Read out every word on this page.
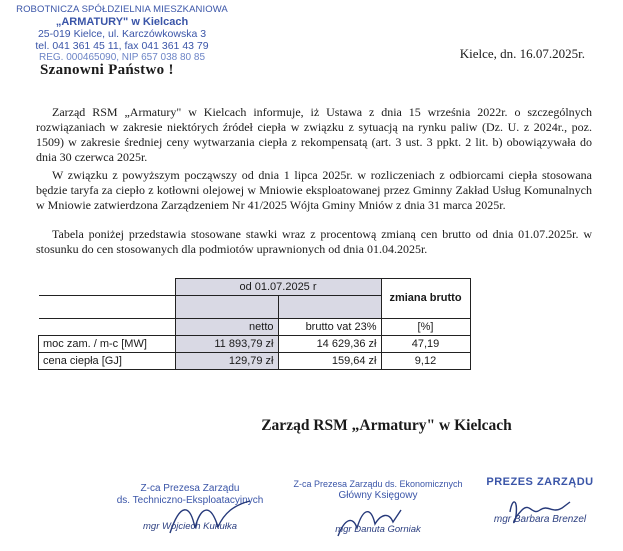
ROBOTNICZA SPÓŁDZIELNIA MIESZKANIOWA
„ARMATURY" w Kielcach
25-019 Kielce, ul. Karczówkowska 3
tel. 041 361 45 11, fax 041 361 43 79
REG. 000465090, NIP 657 038 80 85	Kielce, dn. 16.07.2025r.
Szanowni Państwo !

Zarząd RSM „Armatury" w Kielcach informuje, iż Ustawa z dnia 15 września 2022r. o szczególnych rozwiązaniach w zakresie niektórych źródeł ciepła w związku z sytuacją na rynku paliw (Dz. U. z 2024r., poz. 1509) w zakresie średniej ceny wytwarzania ciepła z rekompensatą (art. 3 ust. 3 ppkt. 2 lit. b) obowiązywała do dnia 30 czerwca 2025r.

W związku z powyższym począwszy od dnia 1 lipca 2025r. w rozliczeniach z odbiorcami ciepła stosowana będzie taryfa za ciepło z kotłowni olejowej w Mniowie eksploatowanej przez Gminny Zakład Usług Komunalnych w Mniowie zatwierdzona Zarządzeniem Nr 41/2025 Wójta Gminy Mniów z dnia 31 marca 2025r.

Tabela poniżej przedstawia stosowane stawki wraz z procentową zmianą cen brutto od dnia 01.07.2025r. w stosunku do cen stosowanych dla podmiotów uprawnionych od dnia 01.04.2025r.

	od 01.07.2025 r		zmiana brutto

	netto	brutto vat 23%	[%]
moc zam. / m-c [MW]	11 893,79 zł	14 629,36 zł	47,19
cena ciepła [GJ]	129,79 zł	159,64 zł	9,12
Zarząd RSM „Armatury" w Kielcach
Z-ca Prezesa Zarządu
ds. Techniczno-Eksploatacyjnych
mgr Wojciech Kukułka
Z-ca Prezesa Zarządu ds. Ekonomicznych
Główny Księgowy
mgr Danuta Gorniak
PREZES ZARZĄDU
mgr Barbara Brenzel
